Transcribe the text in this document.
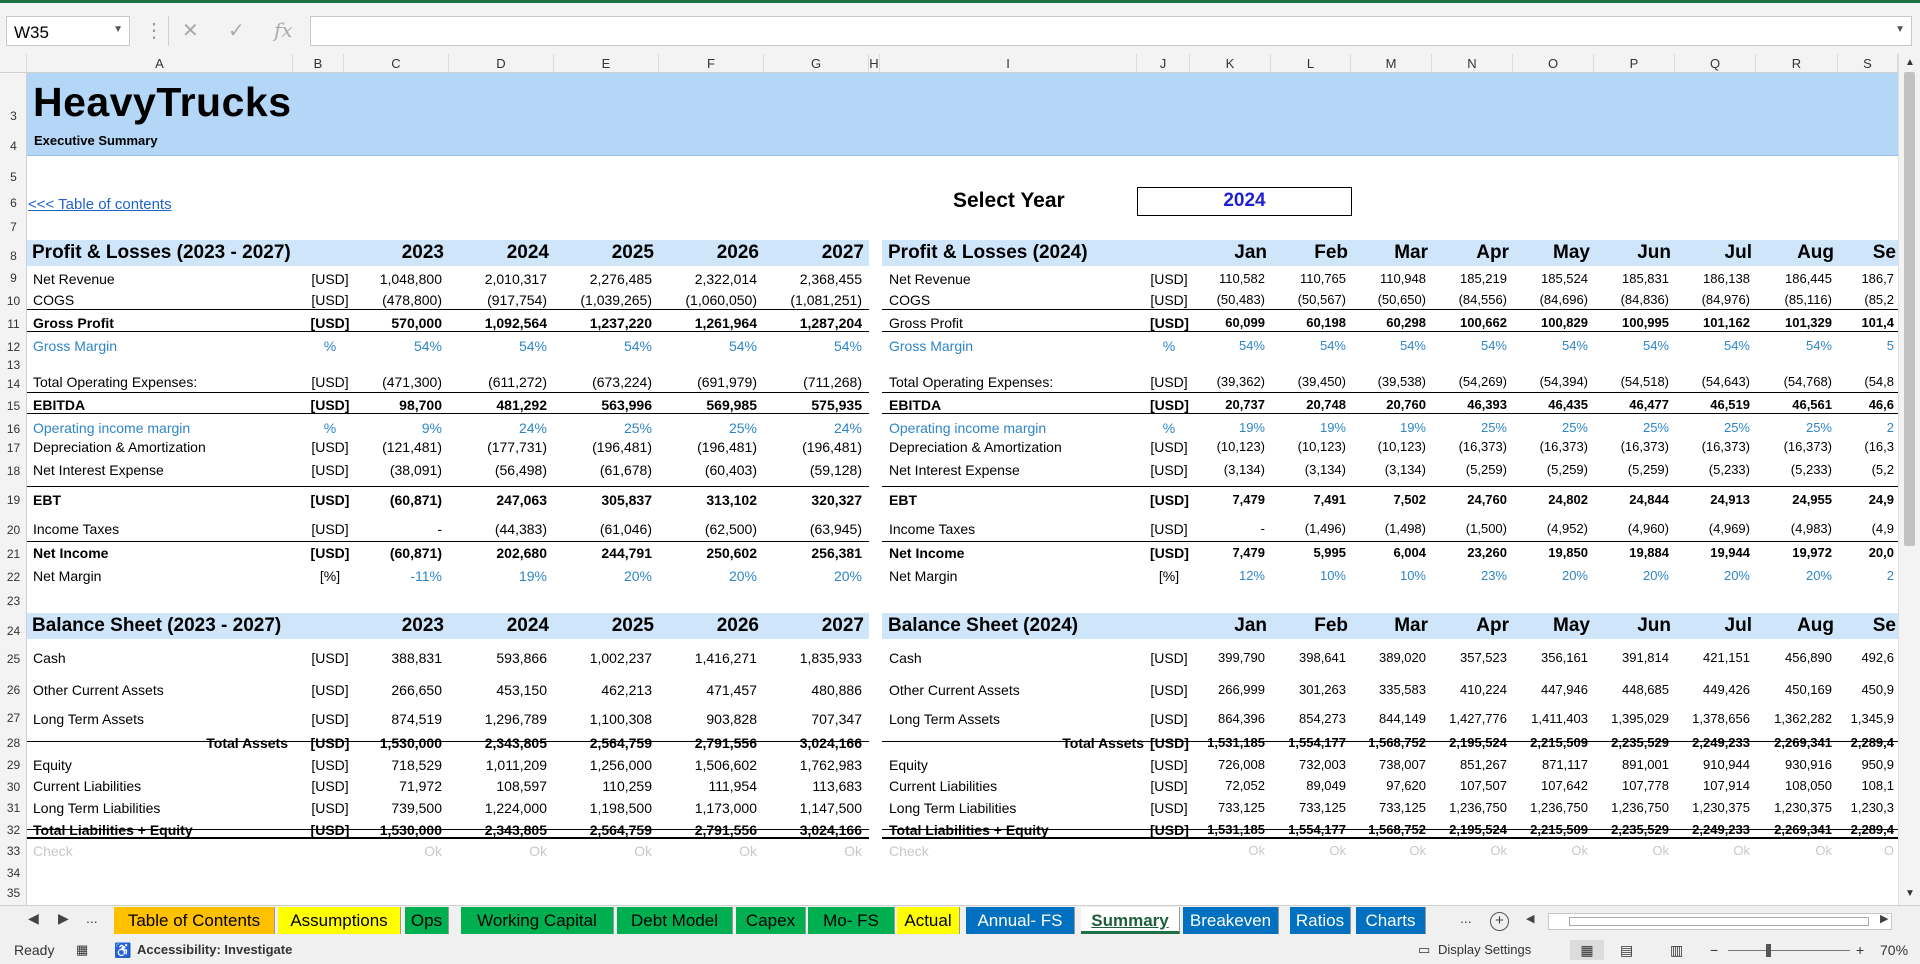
W35	▼ ⋮ ✕ ✓ fx	▼
A	B	C	D	E	F	G	H	I	J	K	L	M	N	O	P	Q	R	S
3
4
5
6
7
8
9
10
11
12
13
14
15
16
17
18
19
20
21
22
23
24
25
26
27
28
29
30
31
32
33
34
35
▲
▼
HeavyTrucks
Executive Summary
<<< Table of contents	Select Year	2024
Profit & Losses (2023 - 2027)	2023	2024	2025	2026	2027
Net Revenue	[USD]	1,048,800	2,010,317	2,276,485	2,322,014	2,368,455
COGS	[USD]	(478,800)	(917,754)	(1,039,265)	(1,060,050)	(1,081,251)
Gross Profit	[USD]	570,000	1,092,564	1,237,220	1,261,964	1,287,204
Gross Margin	%	54%	54%	54%	54%	54%
Total Operating Expenses:	[USD]	(471,300)	(611,272)	(673,224)	(691,979)	(711,268)
EBITDA	[USD]	98,700	481,292	563,996	569,985	575,935
Operating income margin	%	9%	24%	25%	25%	24%
Depreciation & Amortization	[USD]	(121,481)	(177,731)	(196,481)	(196,481)	(196,481)
Net Interest Expense	[USD]	(38,091)	(56,498)	(61,678)	(60,403)	(59,128)
EBT	[USD]	(60,871)	247,063	305,837	313,102	320,327
Income Taxes	[USD]	-	(44,383)	(61,046)	(62,500)	(63,945)
Net Income	[USD]	(60,871)	202,680	244,791	250,602	256,381
Net Margin	[%]	-11%	19%	20%	20%	20%
Profit & Losses (2024)	Jan	Feb	Mar	Apr	May	Jun	Jul	Aug	Se
Net Revenue	[USD]	110,582	110,765	110,948	185,219	185,524	185,831	186,138	186,445	186,7
COGS	[USD]	(50,483)	(50,567)	(50,650)	(84,556)	(84,696)	(84,836)	(84,976)	(85,116)	(85,2
Gross Profit	[USD]	60,099	60,198	60,298	100,662	100,829	100,995	101,162	101,329	101,4
Gross Margin	%	54%	54%	54%	54%	54%	54%	54%	54%	5
Total Operating Expenses:	[USD]	(39,362)	(39,450)	(39,538)	(54,269)	(54,394)	(54,518)	(54,643)	(54,768)	(54,8
EBITDA	[USD]	20,737	20,748	20,760	46,393	46,435	46,477	46,519	46,561	46,6
Operating income margin	%	19%	19%	19%	25%	25%	25%	25%	25%	2
Depreciation & Amortization	[USD]	(10,123)	(10,123)	(10,123)	(16,373)	(16,373)	(16,373)	(16,373)	(16,373)	(16,3
Net Interest Expense	[USD]	(3,134)	(3,134)	(3,134)	(5,259)	(5,259)	(5,259)	(5,233)	(5,233)	(5,2
EBT	[USD]	7,479	7,491	7,502	24,760	24,802	24,844	24,913	24,955	24,9
Income Taxes	[USD]	-	(1,496)	(1,498)	(1,500)	(4,952)	(4,960)	(4,969)	(4,983)	(4,9
Net Income	[USD]	7,479	5,995	6,004	23,260	19,850	19,884	19,944	19,972	20,0
Net Margin	[%]	12%	10%	10%	23%	20%	20%	20%	20%	2
Balance Sheet (2023 - 2027)	2023	2024	2025	2026	2027
Cash	[USD]	388,831	593,866	1,002,237	1,416,271	1,835,933
Other Current Assets	[USD]	266,650	453,150	462,213	471,457	480,886
Long Term Assets	[USD]	874,519	1,296,789	1,100,308	903,828	707,347
Total Assets	[USD]	1,530,000	2,343,805	2,564,759	2,791,556	3,024,166
Equity	[USD]	718,529	1,011,209	1,256,000	1,506,602	1,762,983
Current Liabilities	[USD]	71,972	108,597	110,259	111,954	113,683
Long Term Liabilities	[USD]	739,500	1,224,000	1,198,500	1,173,000	1,147,500
Total Liabilities + Equity	[USD]	1,530,000	2,343,805	2,564,759	2,791,556	3,024,166
Check	Ok	Ok	Ok	Ok	Ok
Balance Sheet (2024)	Jan	Feb	Mar	Apr	May	Jun	Jul	Aug	Se
Cash	[USD]	399,790	398,641	389,020	357,523	356,161	391,814	421,151	456,890	492,6
Other Current Assets	[USD]	266,999	301,263	335,583	410,224	447,946	448,685	449,426	450,169	450,9
Long Term Assets	[USD]	864,396	854,273	844,149	1,427,776	1,411,403	1,395,029	1,378,656	1,362,282	1,345,9
Total Assets [USD]	1,531,185	1,554,177	1,568,752	2,195,524	2,215,509	2,235,529	2,249,233	2,269,341	2,289,4
Equity	[USD]	726,008	732,003	738,007	851,267	871,117	891,001	910,944	930,916	950,9
Current Liabilities	[USD]	72,052	89,049	97,620	107,507	107,642	107,778	107,914	108,050	108,1
Long Term Liabilities	[USD]	733,125	733,125	733,125	1,236,750	1,236,750	1,236,750	1,230,375	1,230,375	1,230,3
Total Liabilities + Equity	[USD]	1,531,185	1,554,177	1,568,752	2,195,524	2,215,509	2,235,529	2,249,233	2,269,341	2,289,4
Check	Ok	Ok	Ok	Ok	Ok	Ok	Ok	Ok	O
◀ ▶ ...	Table of Contents	Assumptions	Ops	Working Capital	Debt Model	Capex	Mo- FS	Actual	Annual- FS	Summary	Breakeven	Ratios	Charts	...	+	◀	▶
Ready ▦ ♿ Accessibility: Investigate	▭ Display Settings	▦	▤	▥ −	+ 70%
